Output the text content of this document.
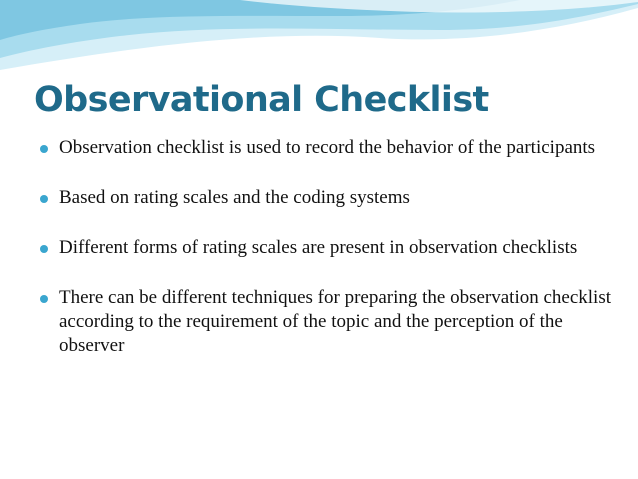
Observational Checklist
Observation checklist is used to record the behavior of the participants
Based on rating scales and the coding systems
Different forms of rating scales are present in observation checklists
There can be different techniques for preparing the observation checklist according to the requirement of the topic and the perception of the observer
